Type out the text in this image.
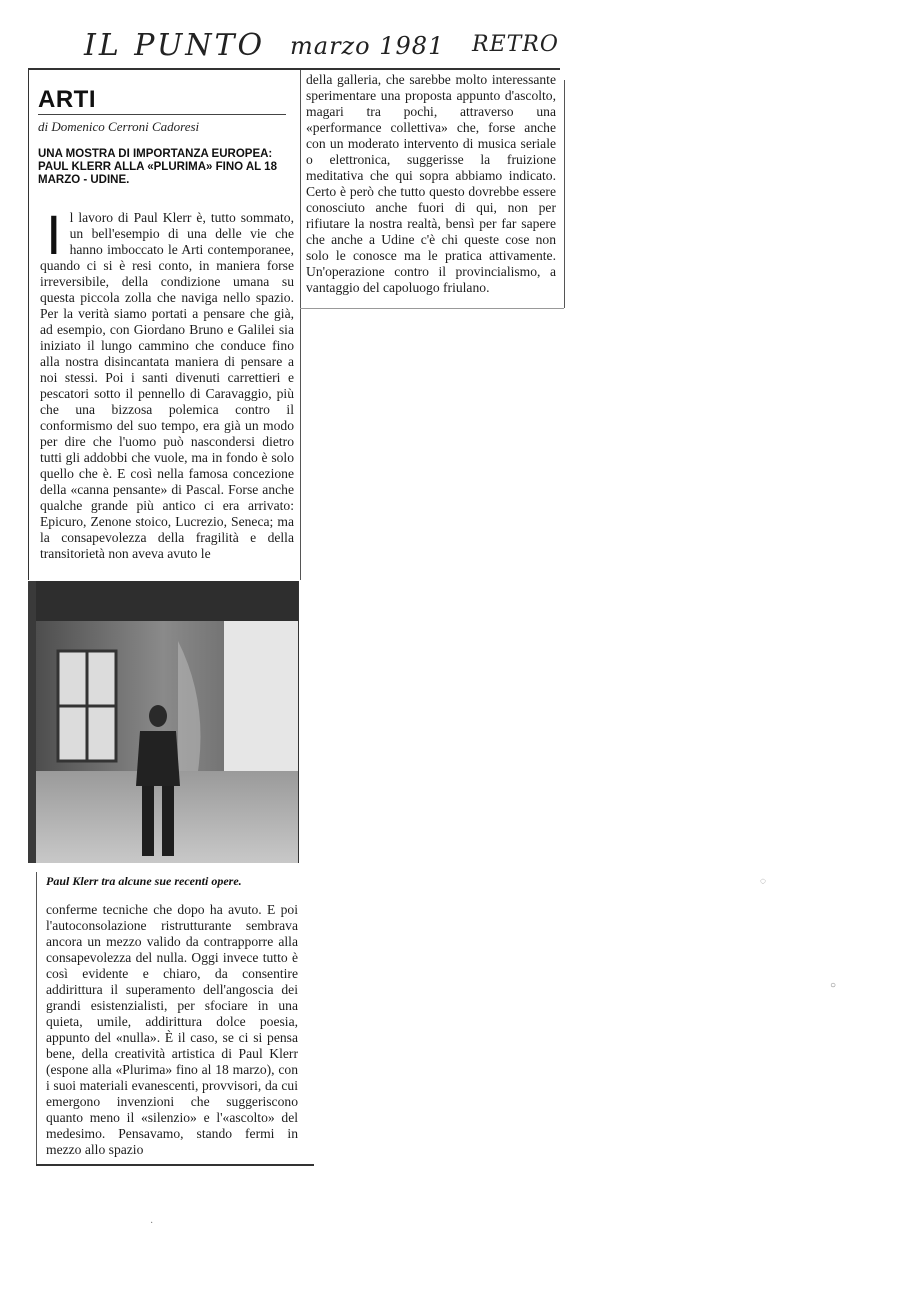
IL PUNTO marzo 1981 RETRO
ARTI
di Domenico Cerroni Cadoresi
UNA MOSTRA DI IMPORTANZA EUROPEA: PAUL KLERR ALLA «PLURIMA» FINO AL 18 MARZO - UDINE.
Il lavoro di Paul Klerr è, tutto sommato, un bell'esempio di una delle vie che hanno imboccato le Arti contemporanee, quando ci si è resi conto, in maniera forse irreversibile, della condizione umana su questa piccola zolla che naviga nello spazio. Per la verità siamo portati a pensare che già, ad esempio, con Giordano Bruno e Galilei sia iniziato il lungo cammino che conduce fino alla nostra disincantata maniera di pensare a noi stessi. Poi i santi divenuti carrettieri e pescatori sotto il pennello di Caravaggio, più che una bizzosa polemica contro il conformismo del suo tempo, era già un modo per dire che l'uomo può nascondersi dietro tutti gli addobbi che vuole, ma in fondo è solo quello che è. E così nella famosa concezione della «canna pensante» di Pascal. Forse anche qualche grande più antico ci era arrivato: Epicuro, Zenone stoico, Lucrezio, Seneca; ma la consapevolezza della fragilità e della transitorietà non aveva avuto le
Paul Klerr tra alcune sue recenti opere.
conferme tecniche che dopo ha avuto. E poi l'autoconsolazione ristrutturante sembrava ancora un mezzo valido da contrapporre alla consapevolezza del nulla. Oggi invece tutto è così evidente e chiaro, da consentire addirittura il superamento dell'angoscia dei grandi esistenzialisti, per sfociare in una quieta, umile, addirittura dolce poesia, appunto del «nulla». È il caso, se ci si pensa bene, della creatività artistica di Paul Klerr (espone alla «Plurima» fino al 18 marzo), con i suoi materiali evanescenti, provvisori, da cui emergono invenzioni che suggeriscono quanto meno il «silenzio» e l'«ascolto» del medesimo. Pensavamo, stando fermi in mezzo allo spazio
della galleria, che sarebbe molto interessante sperimentare una proposta appunto d'ascolto, magari tra pochi, attraverso una «performance collettiva» che, forse anche con un moderato intervento di musica seriale o elettronica, suggerisse la fruizione meditativa che qui sopra abbiamo indicato. Certo è però che tutto questo dovrebbe essere conosciuto anche fuori di qui, non per rifiutare la nostra realtà, bensì per far sapere che anche a Udine c'è chi queste cose non solo le conosce ma le pratica attivamente. Un'operazione contro il provincialismo, a vantaggio del capoluogo friulano.
◌
○
·
